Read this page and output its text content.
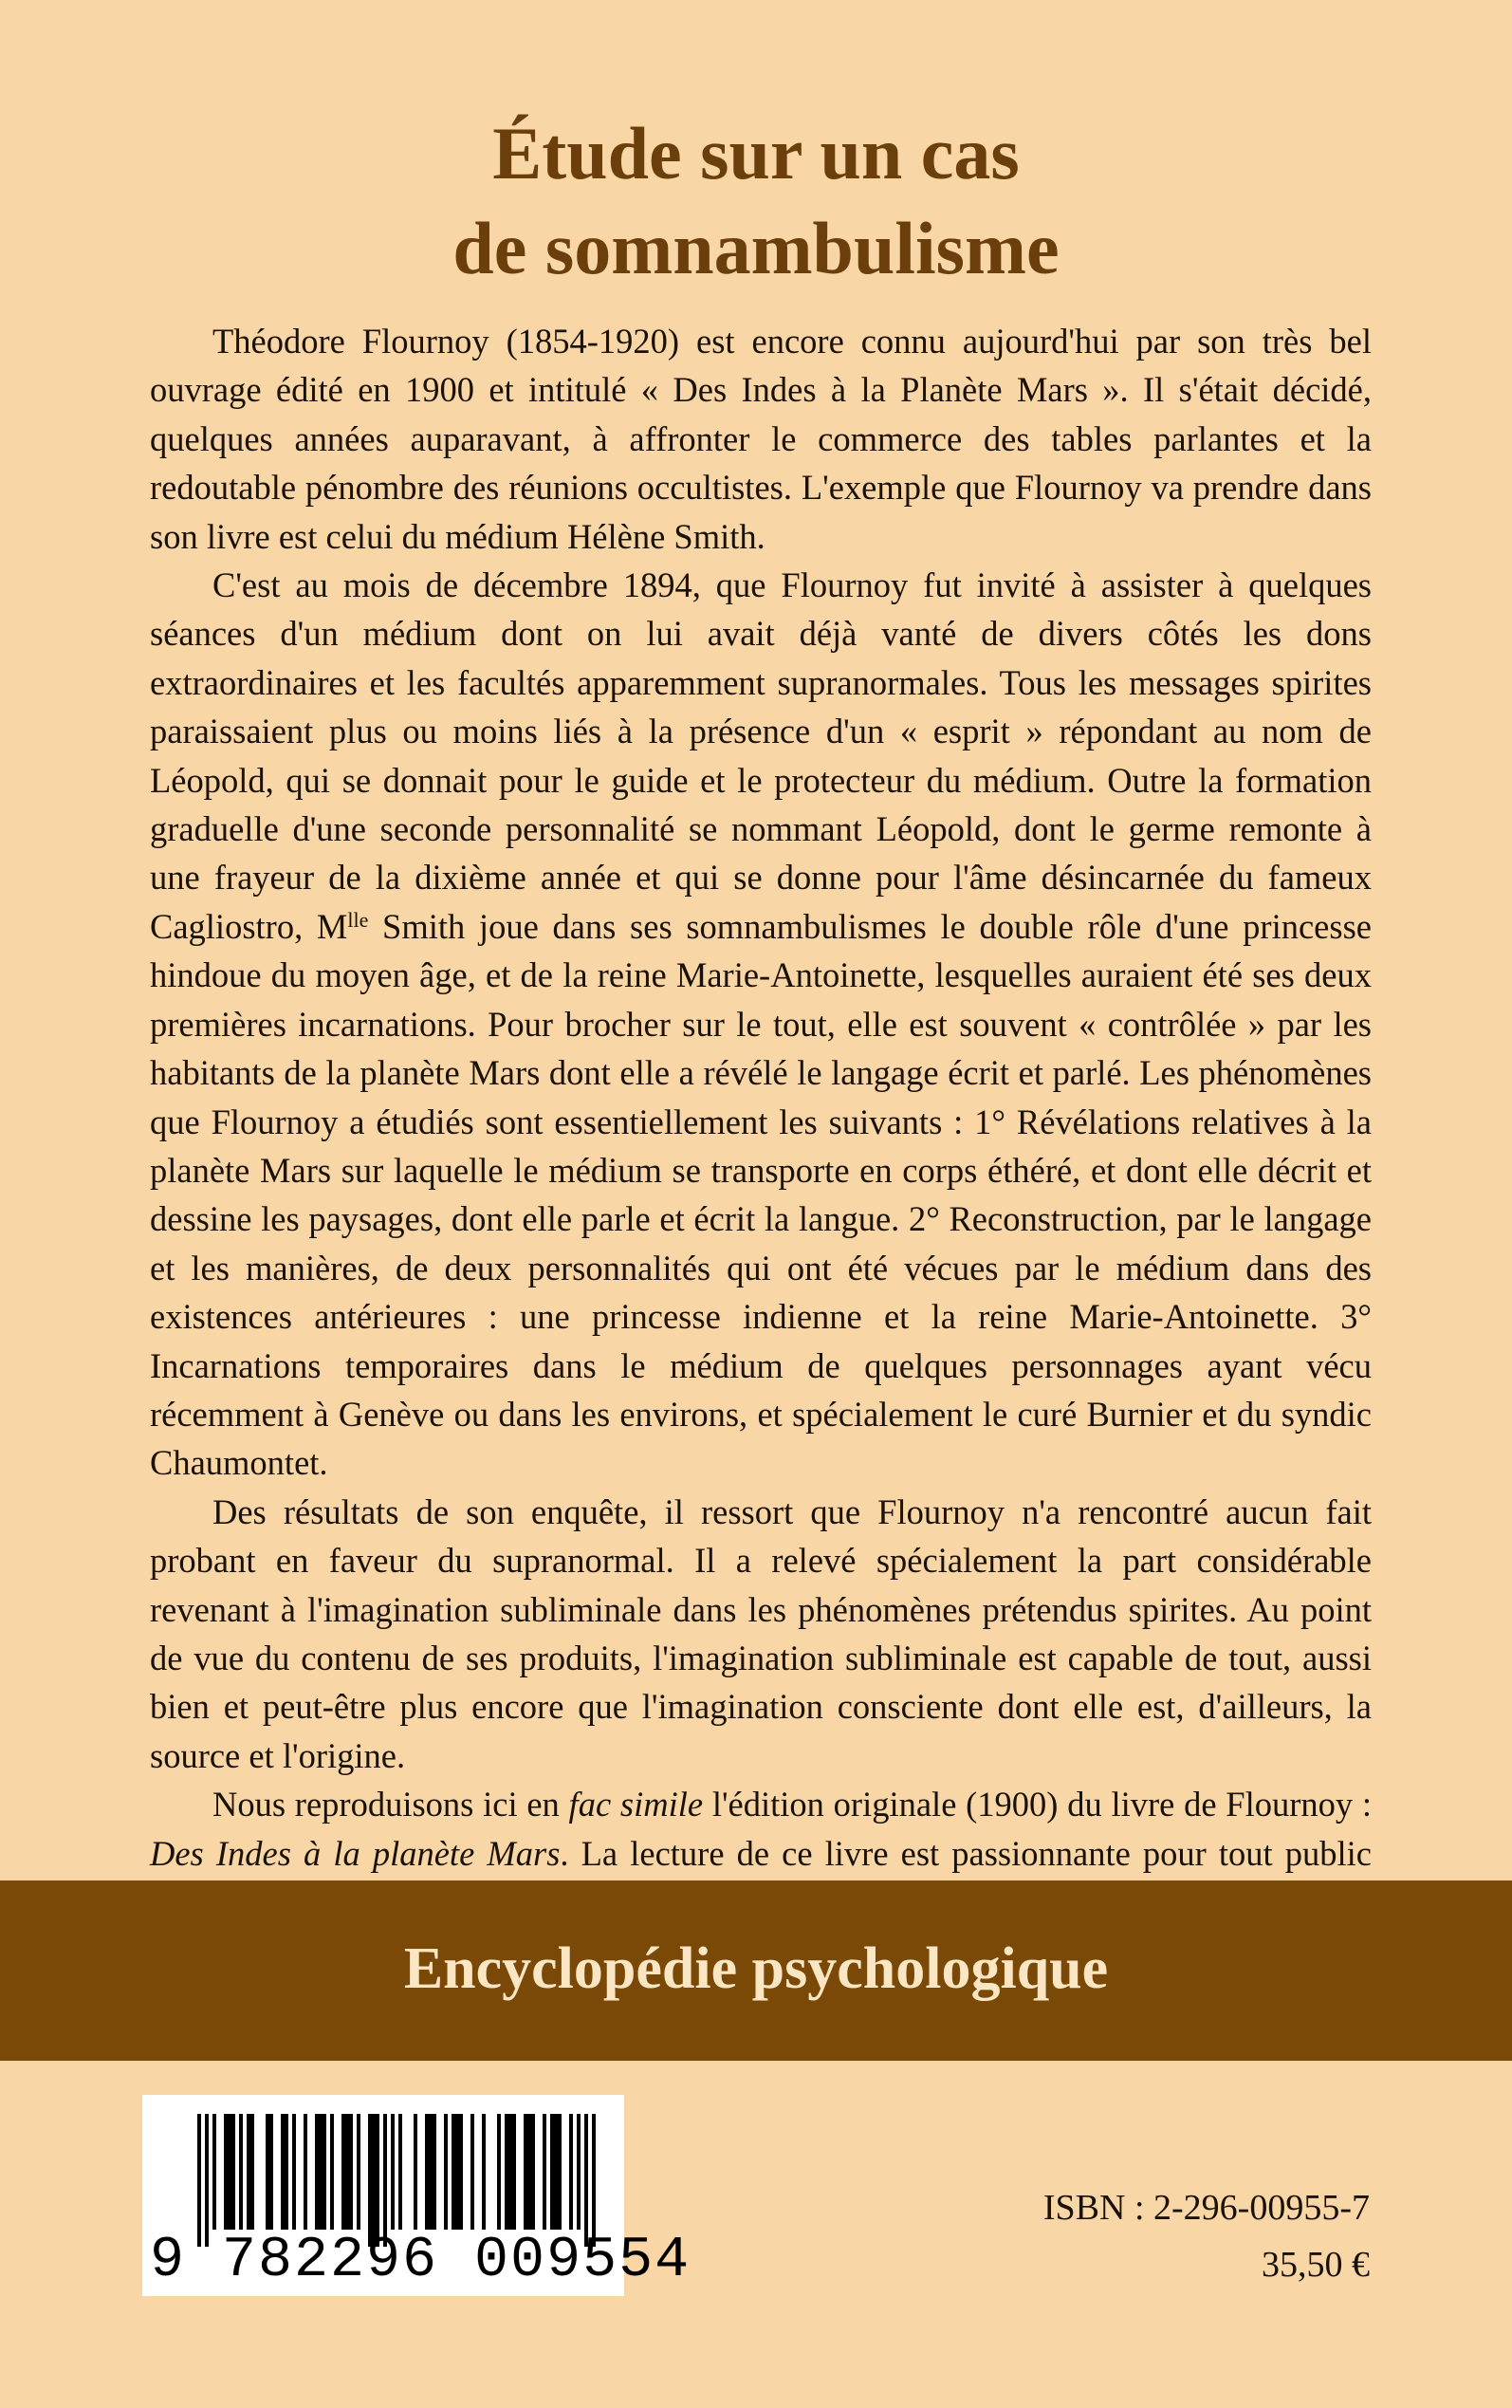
Étude sur un cas
de somnambulisme

Théodore Flournoy (1854-1920) est encore connu aujourd'hui par son très bel ouvrage édité en 1900 et intitulé « Des Indes à la Planète Mars ». Il s'était décidé, quelques années auparavant, à affronter le commerce des tables parlantes et la redoutable pénombre des réunions occultistes. L'exemple que Flournoy va prendre dans son livre est celui du médium Hélène Smith.

C'est au mois de décembre 1894, que Flournoy fut invité à assister à quelques séances d'un médium dont on lui avait déjà vanté de divers côtés les dons extraordinaires et les facultés apparemment supranormales. Tous les messages spirites paraissaient plus ou moins liés à la présence d'un « esprit » répondant au nom de Léopold, qui se donnait pour le guide et le protecteur du médium. Outre la formation graduelle d'une seconde personnalité se nommant Léopold, dont le germe remonte à une frayeur de la dixième année et qui se donne pour l'âme désincarnée du fameux Cagliostro, $M^{lle}$ Smith joue dans ses somnambulismes le double rôle d'une princesse hindoue du moyen âge, et de la reine Marie-Antoinette, lesquelles auraient été ses deux premières incarnations. Pour brocher sur le tout, elle est souvent « contrôlée » par les habitants de la planète Mars dont elle a révélé le langage écrit et parlé. Les phénomènes que Flournoy a étudiés sont essentiellement les suivants : 1° Révélations relatives à la planète Mars sur laquelle le médium se transporte en corps éthéré, et dont elle décrit et dessine les paysages, dont elle parle et écrit la langue. 2° Reconstruction, par le langage et les manières, de deux personnalités qui ont été vécues par le médium dans des existences antérieures : une princesse indienne et la reine Marie-Antoinette. 3° Incarnations temporaires dans le médium de quelques personnages ayant vécu récemment à Genève ou dans les environs, et spécialement le curé Burnier et du syndic Chaumontet.

Des résultats de son enquête, il ressort que Flournoy n'a rencontré aucun fait probant en faveur du supranormal. Il a relevé spécialement la part considérable revenant à l'imagination subliminale dans les phénomènes prétendus spirites. Au point de vue du contenu de ses produits, l'imagination subliminale est capable de tout, aussi bien et peut-être plus encore que l'imagination consciente dont elle est, d'ailleurs, la source et l'origine.

Nous reproduisons ici en fac simile l'édition originale (1900) du livre de Flournoy : Des Indes à la planète Mars. La lecture de ce livre est passionnante pour tout public

Encyclopédie psychologique
9 782296 009554
ISBN : 2-296-00955-7
35,50 €
